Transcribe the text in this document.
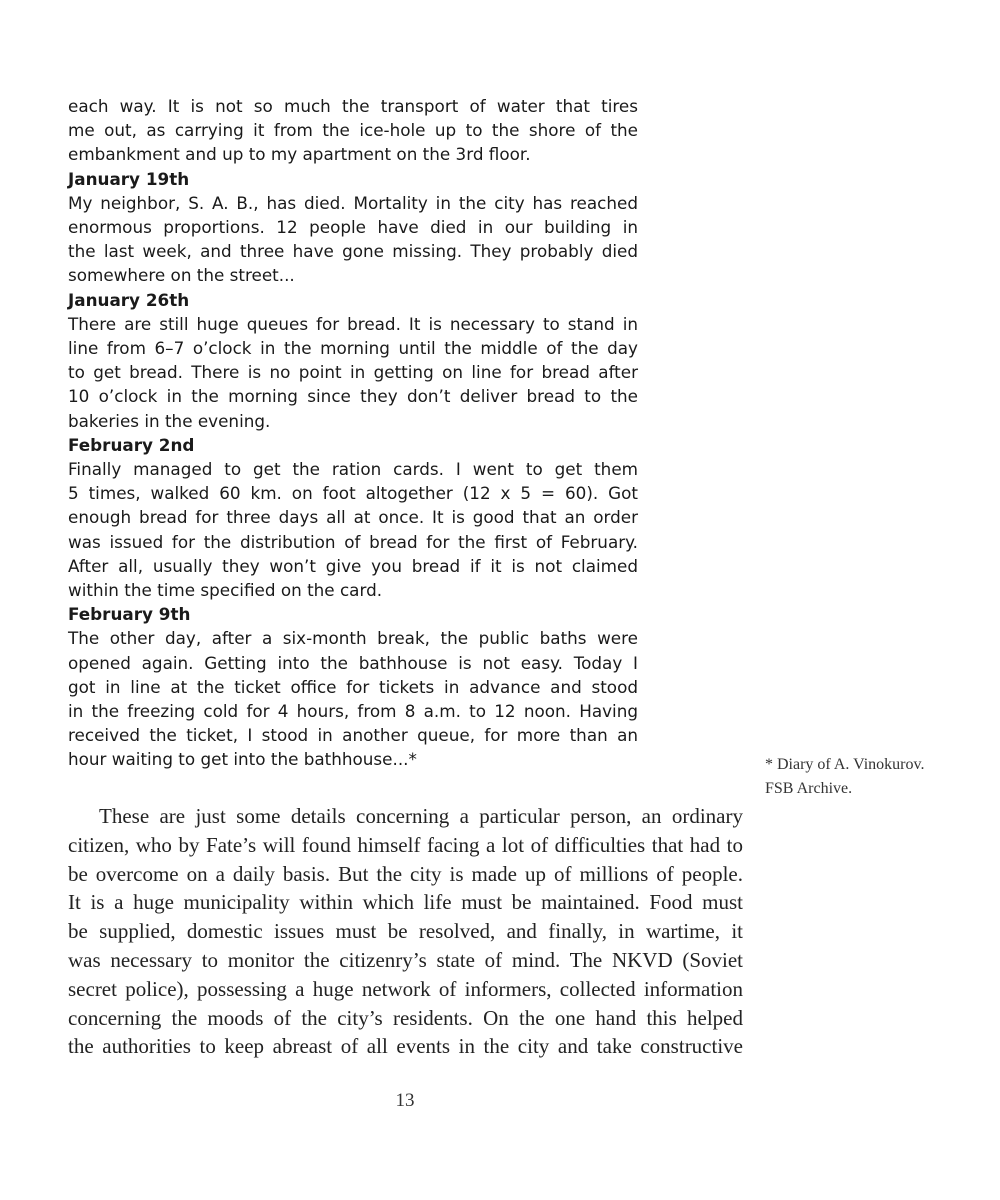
each way. It is not so much the transport of water that tires
me out, as carrying it from the ice-hole up to the shore of the
embankment and up to my apartment on the 3rd floor.
January 19th
My neighbor, S. A. B., has died. Mortality in the city has reached
enormous proportions. 12 people have died in our building in
the last week, and three have gone missing. They probably died
somewhere on the street...
January 26th
There are still huge queues for bread. It is necessary to stand in
line from 6–7 o’clock in the morning until the middle of the day
to get bread. There is no point in getting on line for bread after
10 o’clock in the morning since they don’t deliver bread to the
bakeries in the evening.
February 2nd
Finally managed to get the ration cards. I went to get them
5 times, walked 60 km. on foot altogether (12 x 5 = 60). Got
enough bread for three days all at once. It is good that an order
was issued for the distribution of bread for the first of February.
After all, usually they won’t give you bread if it is not claimed
within the time specified on the card.
February 9th
The other day, after a six-month break, the public baths were
opened again. Getting into the bathhouse is not easy. Today I
got in line at the ticket office for tickets in advance and stood
in the freezing cold for 4 hours, from 8 a.m. to 12 noon. Having
received the ticket, I stood in another queue, for more than an
hour waiting to get into the bathhouse...*	* Diary of A. Vinokurov.
FSB Archive.
These are just some details concerning a particular person, an ordinary
citizen, who by Fate’s will found himself facing a lot of difficulties that had to
be overcome on a daily basis. But the city is made up of millions of people.
It is a huge municipality within which life must be maintained. Food must
be supplied, domestic issues must be resolved, and finally, in wartime, it
was necessary to monitor the citizenry’s state of mind. The NKVD (Soviet
secret police), possessing a huge network of informers, collected information
concerning the moods of the city’s residents. On the one hand this helped
the authorities to keep abreast of all events in the city and take constructive
13
